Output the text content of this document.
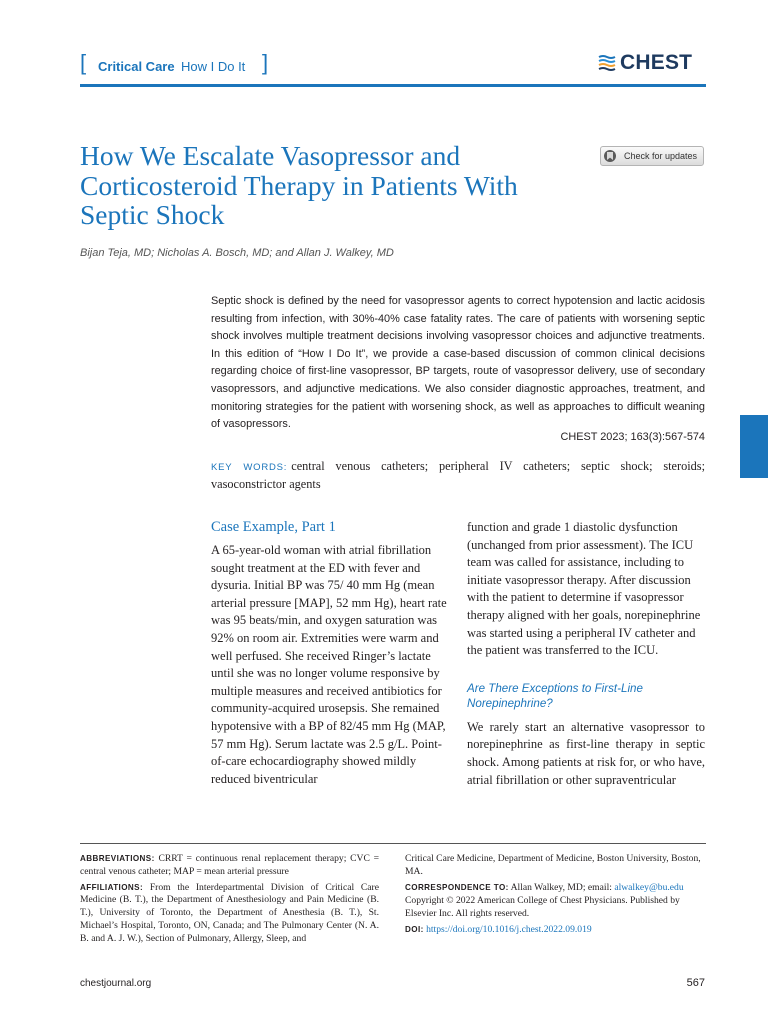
[ Critical Care How I Do It ]	CHEST
How We Escalate Vasopressor and Corticosteroid Therapy in Patients With Septic Shock
Check for updates
Bijan Teja, MD; Nicholas A. Bosch, MD; and Allan J. Walkey, MD
Septic shock is defined by the need for vasopressor agents to correct hypotension and lactic acidosis resulting from infection, with 30%-40% case fatality rates. The care of patients with worsening septic shock involves multiple treatment decisions involving vasopressor choices and adjunctive treatments. In this edition of “How I Do It”, we provide a case-based discussion of common clinical decisions regarding choice of first-line vasopressor, BP targets, route of vasopressor delivery, use of secondary vasopressors, and adjunctive medications. We also consider diagnostic approaches, treatment, and monitoring strategies for the patient with worsening shock, as well as approaches to difficult weaning of vasopressors.
CHEST 2023; 163(3):567-574
KEY WORDS: central venous catheters; peripheral IV catheters; septic shock; steroids; vasoconstrictor agents
Case Example, Part 1

A 65-year-old woman with atrial fibrillation sought treatment at the ED with fever and dysuria. Initial BP was 75/ 40 mm Hg (mean arterial pressure [MAP], 52 mm Hg), heart rate was 95 beats/min, and oxygen saturation was 92% on room air. Extremities were warm and well perfused. She received Ringer’s lactate until she was no longer volume responsive by multiple measures and received antibiotics for community-acquired urosepsis. She remained hypotensive with a BP of 82/45 mm Hg (MAP, 57 mm Hg). Serum lactate was 2.5 g/L. Point-of-care echocardiography showed mildly reduced biventricular

function and grade 1 diastolic dysfunction (unchanged from prior assessment). The ICU team was called for assistance, including to initiate vasopressor therapy. After discussion with the patient to determine if vasopressor therapy aligned with her goals, norepinephrine was started using a peripheral IV catheter and the patient was transferred to the ICU.

Are There Exceptions to First-Line Norepinephrine?

We rarely start an alternative vasopressor to norepinephrine as first-line therapy in septic shock. Among patients at risk for, or who have, atrial fibrillation or other supraventricular

ABBREVIATIONS: CRRT = continuous renal replacement therapy; CVC = central venous catheter; MAP = mean arterial pressure

AFFILIATIONS: From the Interdepartmental Division of Critical Care Medicine (B. T.), the Department of Anesthesiology and Pain Medicine (B. T.), University of Toronto, the Department of Anesthesia (B. T.), St. Michael’s Hospital, Toronto, ON, Canada; and The Pulmonary Center (N. A. B. and A. J. W.), Section of Pulmonary, Allergy, Sleep, and

Critical Care Medicine, Department of Medicine, Boston University, Boston, MA.

CORRESPONDENCE TO: Allan Walkey, MD; email: alwalkey@bu.edu

Copyright © 2022 American College of Chest Physicians. Published by Elsevier Inc. All rights reserved.

DOI: https://doi.org/10.1016/j.chest.2022.09.019

chestjournal.org	567
